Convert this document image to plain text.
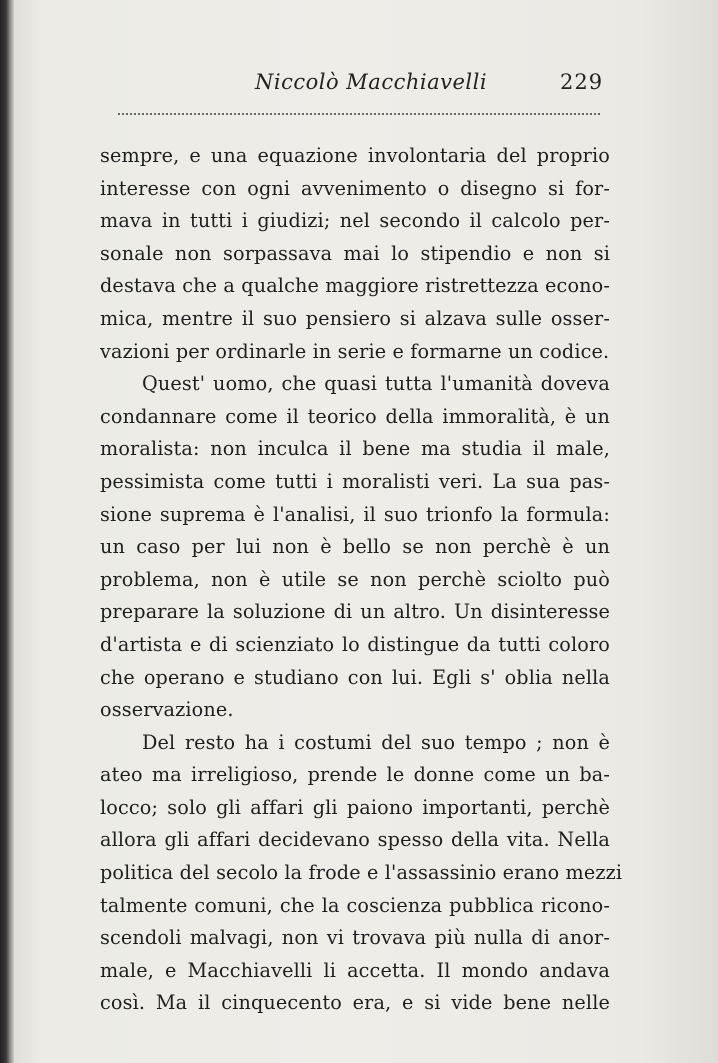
Niccolò Macchiavelli	229
sempre, e una equazione involontaria del proprio
interesse con ogni avvenimento o disegno si for-
mava in tutti i giudizi; nel secondo il calcolo per-
sonale non sorpassava mai lo stipendio e non si
destava che a qualche maggiore ristrettezza econo-
mica, mentre il suo pensiero si alzava sulle osser-
vazioni per ordinarle in serie e formarne un codice.
Quest' uomo, che quasi tutta l'umanità doveva
condannare come il teorico della immoralità, è un
moralista: non inculca il bene ma studia il male,
pessimista come tutti i moralisti veri. La sua pas-
sione suprema è l'analisi, il suo trionfo la formula:
un caso per lui non è bello se non perchè è un
problema, non è utile se non perchè sciolto può
preparare la soluzione di un altro. Un disinteresse
d'artista e di scienziato lo distingue da tutti coloro
che operano e studiano con lui. Egli s' oblia nella
osservazione.
Del resto ha i costumi del suo tempo ; non è
ateo ma irreligioso, prende le donne come un ba-
locco; solo gli affari gli paiono importanti, perchè
allora gli affari decidevano spesso della vita. Nella
politica del secolo la frode e l'assassinio erano mezzi
talmente comuni, che la coscienza pubblica ricono-
scendoli malvagi, non vi trovava più nulla di anor-
male, e Macchiavelli li accetta. Il mondo andava
così. Ma il cinquecento era, e si vide bene nelle
